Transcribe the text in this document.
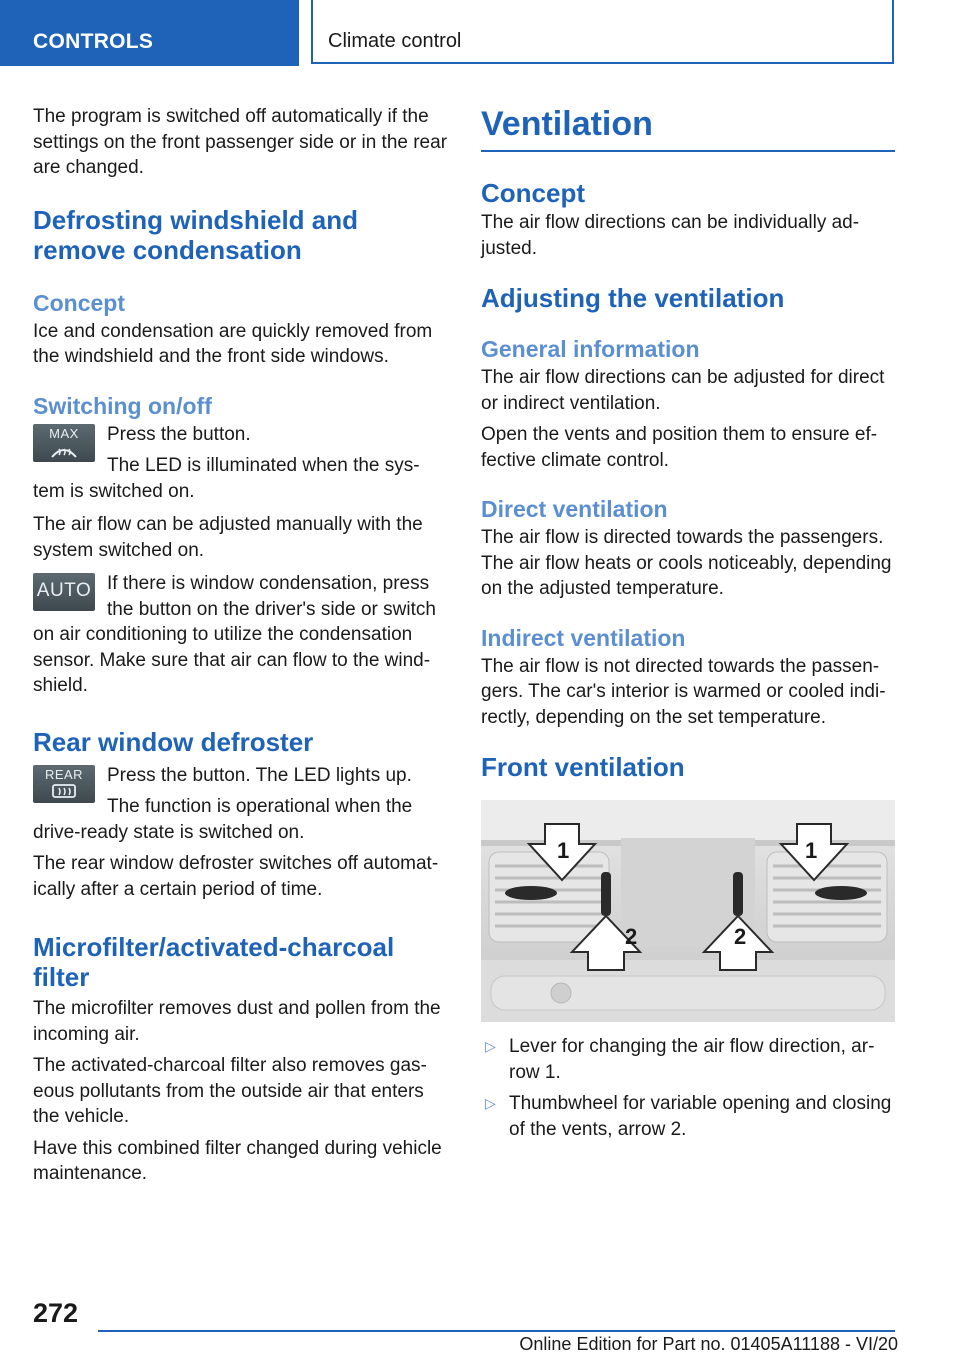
CONTROLS	Climate control

The program is switched off automatically if the settings on the front passenger side or in the rear are changed.

Defrosting windshield and remove condensation
Concept

Ice and condensation are quickly removed from the windshield and the front side windows.

Switching on/off
MAX	Press the button.

The LED is illuminated when the sys‐

tem is switched on.

The air flow can be adjusted manually with the system switched on.

AUTO If there is window condensation, press

the button on the driver's side or switch

on air conditioning to utilize the condensation sensor. Make sure that air can flow to the wind‐ shield.

Rear window defroster
REAR	Press the button. The LED lights up.

The function is operational when the

drive-ready state is switched on.

The rear window defroster switches off automat‐ ically after a certain period of time.

Microfilter/activated-charcoal filter

The microfilter removes dust and pollen from the incoming air.

The activated-charcoal filter also removes gas‐ eous pollutants from the outside air that enters the vehicle.

Have this combined filter changed during vehicle maintenance.

Ventilation
Concept

The air flow directions can be individually ad‐ justed.

Adjusting the ventilation
General information

The air flow directions can be adjusted for direct or indirect ventilation.

Open the vents and position them to ensure ef‐ fective climate control.

Direct ventilation

The air flow is directed towards the passengers. The air flow heats or cools noticeably, depending on the adjusted temperature.

Indirect ventilation

The air flow is not directed towards the passen‐ gers. The car's interior is warmed or cooled indi‐ rectly, depending on the set temperature.

Front ventilation
1	1
2	2
▷ Lever for changing the air flow direction, ar‐ row 1.
▷ Thumbwheel for variable opening and closing of the vents, arrow 2.
272
Online Edition for Part no. 01405A11188 - VI/20
